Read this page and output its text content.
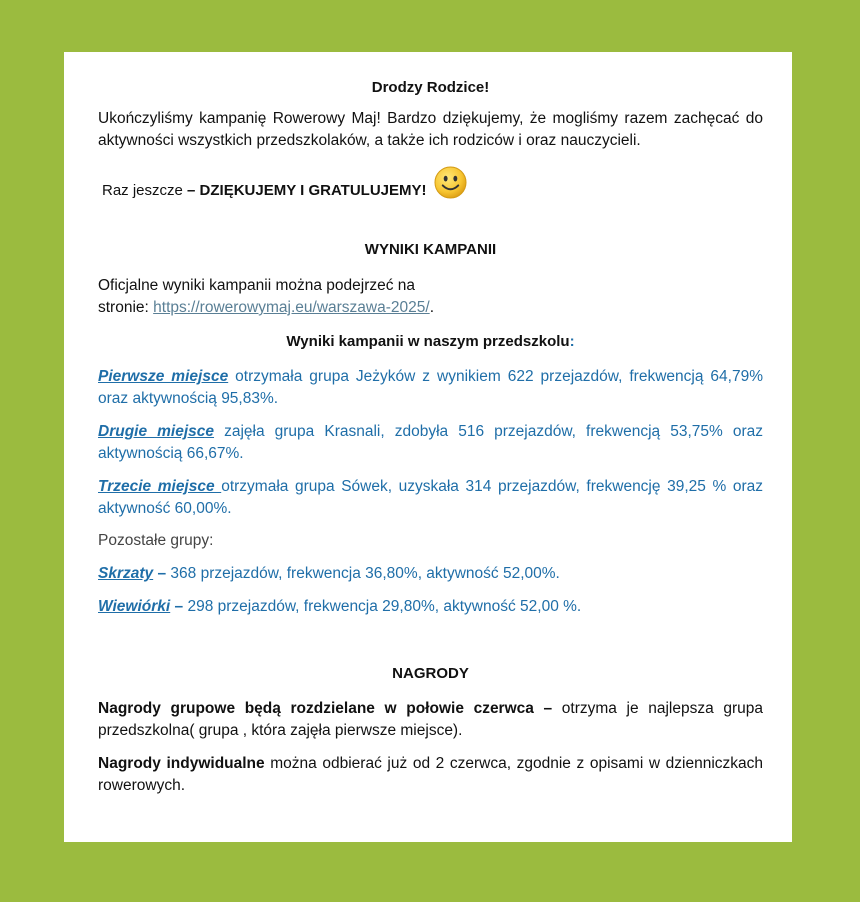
Drodzy Rodzice!

Ukończyliśmy kampanię Rowerowy Maj! Bardzo dziękujemy, że mogliśmy razem zachęcać do aktywności wszystkich przedszkolaków, a także ich rodziców i oraz nauczycieli.

Raz jeszcze – DZIĘKUJEMY I GRATULUJEMY!

WYNIKI KAMPANII

Oficjalne wyniki kampanii można podejrzeć na
stronie: https://rowerowymaj.eu/warszawa-2025/.

Wyniki kampanii w naszym przedszkolu:

Pierwsze miejsce otrzymała grupa Jeżyków z wynikiem 622 przejazdów, frekwencją 64,79% oraz aktywnością 95,83%.

Drugie miejsce zajęła grupa Krasnali, zdobyła 516 przejazdów, frekwencją 53,75% oraz aktywnością 66,67%.

Trzecie miejsce otrzymała grupa Sówek, uzyskała 314 przejazdów, frekwencję 39,25 % oraz aktywność 60,00%.

Pozostałe grupy:

Skrzaty – 368 przejazdów, frekwencja 36,80%, aktywność 52,00%.

Wiewiórki – 298 przejazdów, frekwencja 29,80%, aktywność 52,00 %.

NAGRODY

Nagrody grupowe będą rozdzielane w połowie czerwca – otrzyma je najlepsza grupa przedszkolna( grupa , która zajęła pierwsze miejsce).

Nagrody indywidualne można odbierać już od 2 czerwca, zgodnie z opisami w dzienniczkach rowerowych.
